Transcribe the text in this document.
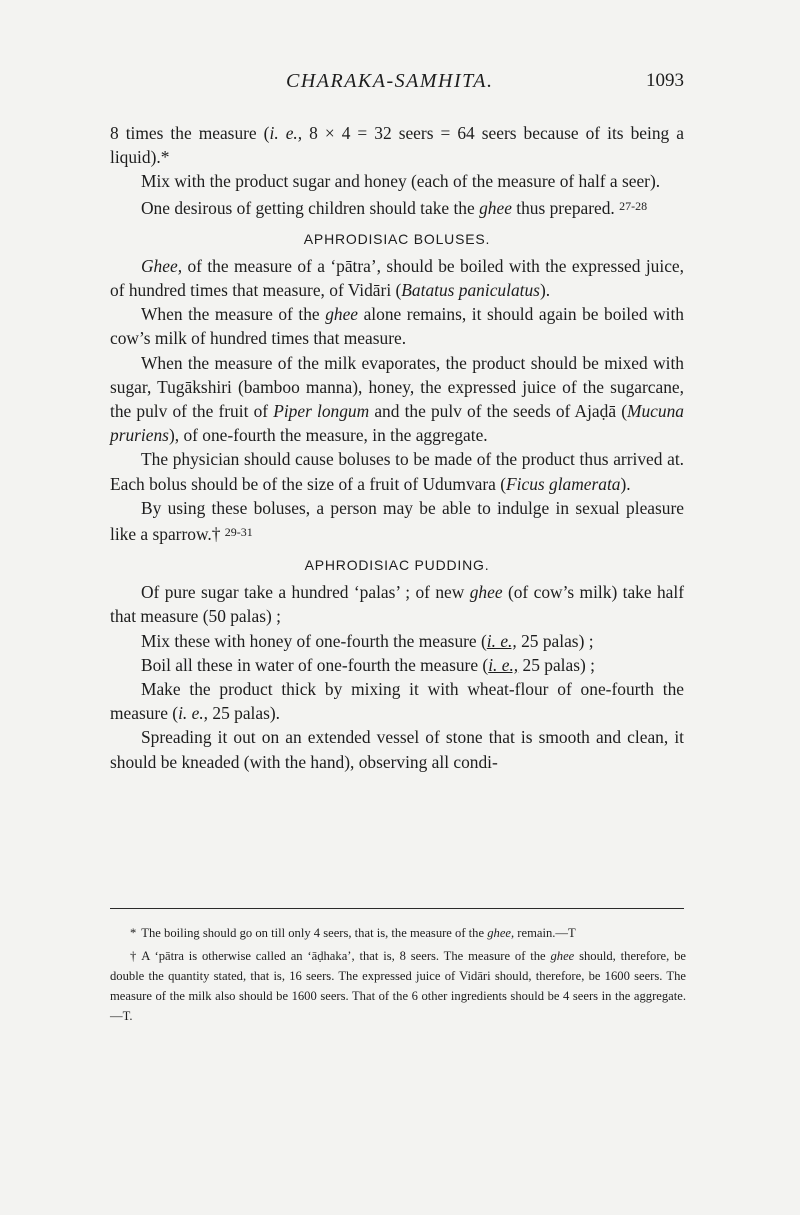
CHARAKA-SAMHITA.	1093

8 times the measure (i. e., 8 × 4 = 32 seers = 64 seers because of its being a liquid).*

Mix with the product sugar and honey (each of the measure of half a seer).

One desirous of getting children should take the ghee thus prepared. $^{27-28}$

APHRODISIAC BOLUSES.

Ghee, of the measure of a ‘pātra’, should be boiled with the expressed juice, of hundred times that measure, of Vidāri (Batatus paniculatus).

When the measure of the ghee alone remains, it should again be boiled with cow’s milk of hundred times that measure.

When the measure of the milk evaporates, the product should be mixed with sugar, Tugākshiri (bamboo manna), honey, the expressed juice of the sugarcane, the pulv of the fruit of Piper longum and the pulv of the seeds of Ajaḍā (Mucuna pruriens), of one-fourth the measure, in the aggregate.

The physician should cause boluses to be made of the product thus arrived at. Each bolus should be of the size of a fruit of Udumvara (Ficus glamerata).

By using these boluses, a person may be able to indulge in sexual pleasure like a sparrow.† $^{29-31}$

APHRODISIAC PUDDING.

Of pure sugar take a hundred ‘palas’ ; of new ghee (of cow’s milk) take half that measure (50 palas) ;

Mix these with honey of one-fourth the measure (i. e., 25 palas) ;

Boil all these in water of one-fourth the measure (i. e., 25 palas) ;

Make the product thick by mixing it with wheat-flour of one-fourth the measure (i. e., 25 palas).

Spreading it out on an extended vessel of stone that is smooth and clean, it should be kneaded (with the hand), observing all condi-

* The boiling should go on till only 4 seers, that is, the measure of the ghee, remain.—T

† A ‘pātra is otherwise called an ‘āḍhaka’, that is, 8 seers. The measure of the ghee should, therefore, be double the quantity stated, that is, 16 seers. The expressed juice of Vidāri should, therefore, be 1600 seers. The measure of the milk also should be 1600 seers. That of the 6 other ingredients should be 4 seers in the aggregate.—T.
